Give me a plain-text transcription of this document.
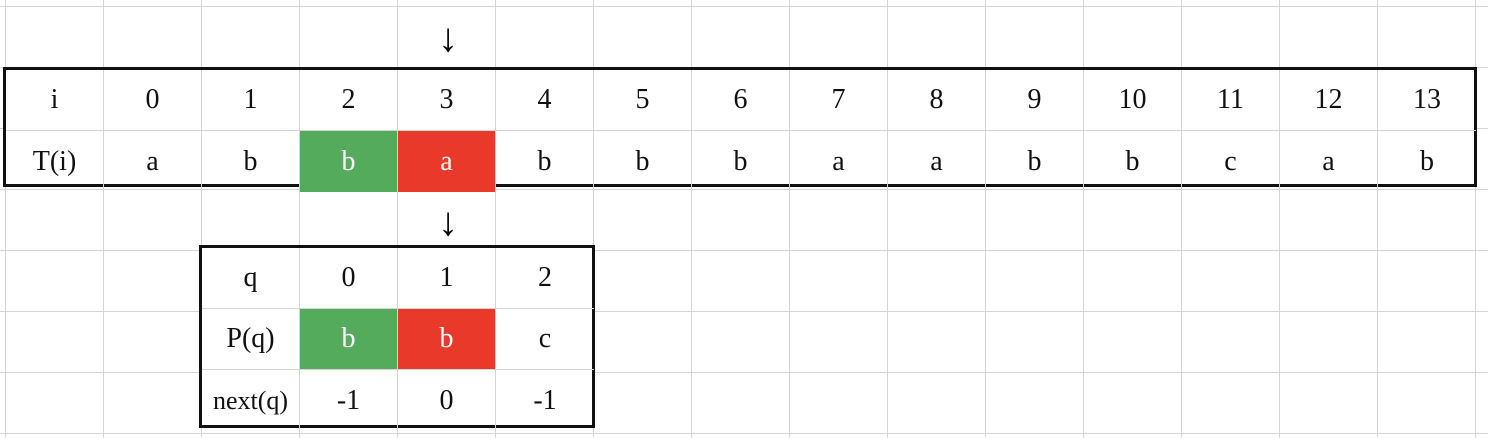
↓
i	0	1	2	3	4	5	6	7	8	9	10	11	12	13
T(i)	a	b	b	a	b	b	b	a	a	b	b	c	a	b
↓
q	0	1	2
P(q)	b	b	c
next(q)	-1	0	-1
